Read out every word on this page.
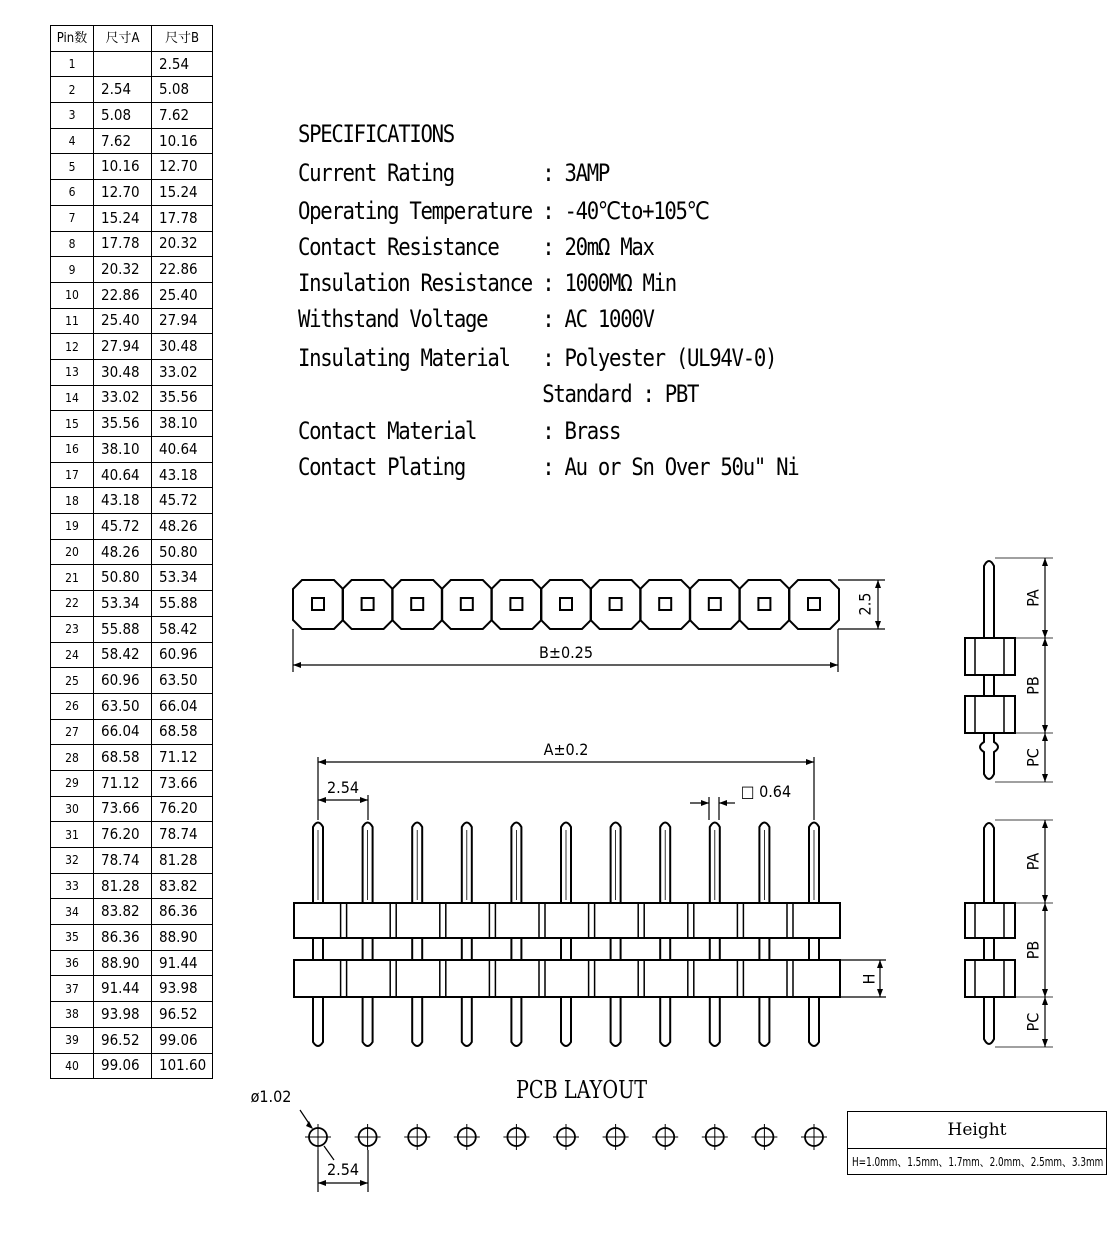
Pin数	尺寸A	尺寸B
1		2.54
2	2.54	5.08
3	5.08	7.62
4	7.62	10.16
5	10.16	12.70
6	12.70	15.24
7	15.24	17.78
8	17.78	20.32
9	20.32	22.86
10	22.86	25.40
11	25.40	27.94
12	27.94	30.48
13	30.48	33.02
14	33.02	35.56
15	35.56	38.10
16	38.10	40.64
17	40.64	43.18
18	43.18	45.72
19	45.72	48.26
20	48.26	50.80
21	50.80	53.34
22	53.34	55.88
23	55.88	58.42
24	58.42	60.96
25	60.96	63.50
26	63.50	66.04
27	66.04	68.58
28	68.58	71.12
29	71.12	73.66
30	73.66	76.20
31	76.20	78.74
32	78.74	81.28
33	81.28	83.82
34	83.82	86.36
35	86.36	88.90
36	88.90	91.44
37	91.44	93.98
38	93.98	96.52
39	96.52	99.06
40	99.06	101.60
SPECIFICATIONS
Current Rating	: 3AMP
Operating Temperature : -40℃to+105℃
Contact Resistance : 20mΩ Max
Insulation Resistance : 1000MΩ Min
Withstand Voltage : AC 1000V
Insulating Material : Polyester (UL94V-0)
Standard : PBT
Contact Material	: Brass
Contact Plating	: Au or Sn Over 50u" Ni
2.5
B±0.25
A±0.2
2.54	□ 0.64
H
PA
PB
PC
PA
PB
PC
ø1.02
2.54
PCB LAYOUT
Height
H=1.0mm、1.5mm、1.7mm、2.0mm、2.5mm、3.3mm
